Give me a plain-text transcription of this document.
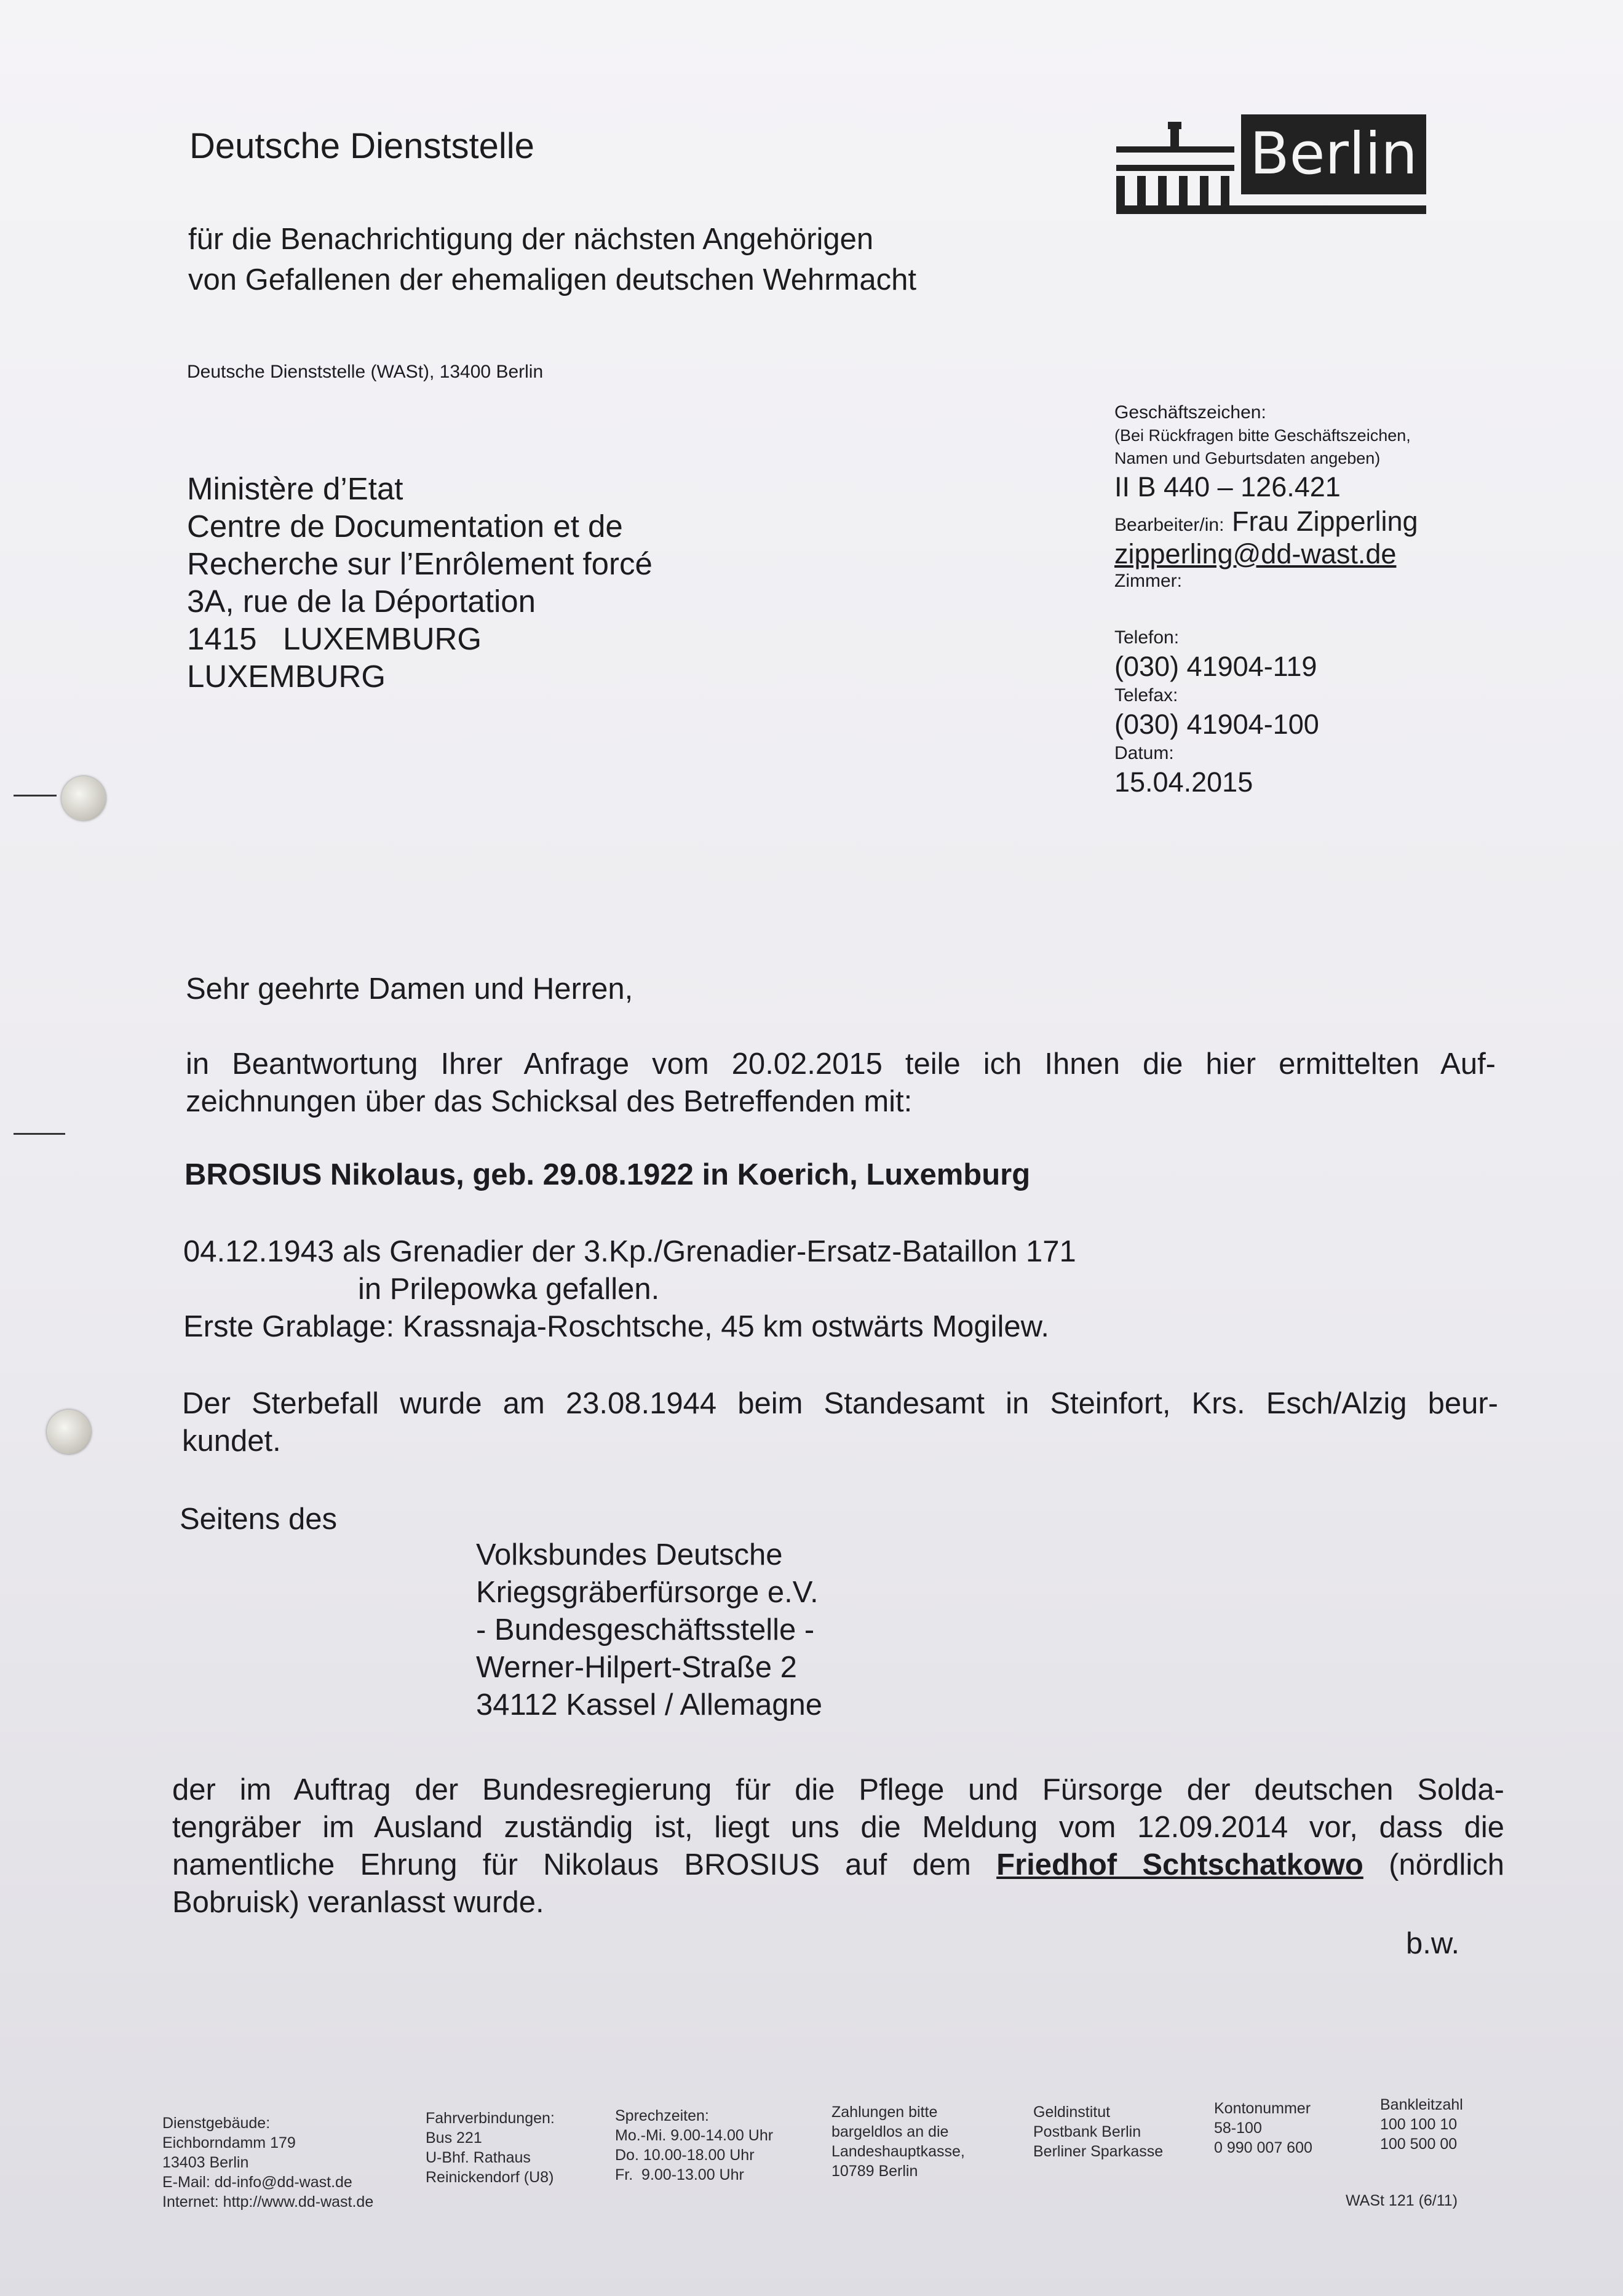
Deutsche Dienststelle
für die Benachrichtigung der nächsten Angehörigen
von Gefallenen der ehemaligen deutschen Wehrmacht
Berlin
Deutsche Dienststelle (WASt), 13400 Berlin
Ministère d’Etat
Centre de Documentation et de
Recherche sur l’Enrôlement forcé
3A, rue de la Déportation
1415   LUXEMBURG
LUXEMBURG
Geschäftszeichen:
(Bei Rückfragen bitte Geschäftszeichen,
Namen und Geburtsdaten angeben)
II B 440 – 126.421
Bearbeiter/in: Frau Zipperling
zipperling@dd-wast.de
Zimmer:
Telefon:
(030) 41904-119
Telefax:
(030) 41904-100
Datum:
15.04.2015
Sehr geehrte Damen und Herren,
in Beantwortung Ihrer Anfrage vom 20.02.2015 teile ich Ihnen die hier ermittelten Auf-
zeichnungen über das Schicksal des Betreffenden mit:
BROSIUS Nikolaus, geb. 29.08.1922 in Koerich, Luxemburg
04.12.1943 als Grenadier der 3.Kp./Grenadier-Ersatz-Bataillon 171
in Prilepowka gefallen.
Erste Grablage: Krassnaja-Roschtsche, 45 km ostwärts Mogilew.
Der Sterbefall wurde am 23.08.1944 beim Standesamt in Steinfort, Krs. Esch/Alzig beur-
kundet.
Seitens des
Volksbundes Deutsche
Kriegsgräberfürsorge e.V.
- Bundesgeschäftsstelle -
Werner-Hilpert-Straße 2
34112 Kassel / Allemagne
der im Auftrag der Bundesregierung für die Pflege und Fürsorge der deutschen Solda-
tengräber im Ausland zuständig ist, liegt uns die Meldung vom 12.09.2014 vor, dass die
namentliche Ehrung für Nikolaus BROSIUS auf dem Friedhof Schtschatkowo (nördlich
Bobruisk) veranlasst wurde.
b.w.
Dienstgebäude:
Eichborndamm 179
13403 Berlin
E-Mail: dd-info@dd-wast.de
Internet: http://www.dd-wast.de
Fahrverbindungen:
Bus 221
U-Bhf. Rathaus
Reinickendorf (U8)
Sprechzeiten:
Mo.-Mi. 9.00-14.00 Uhr
Do. 10.00-18.00 Uhr
Fr.  9.00-13.00 Uhr
Zahlungen bitte
bargeldlos an die
Landeshauptkasse,
10789 Berlin
Geldinstitut
Postbank Berlin
Berliner Sparkasse
Kontonummer
58-100
0 990 007 600
Bankleitzahl
100 100 10
100 500 00
WASt 121 (6/11)
